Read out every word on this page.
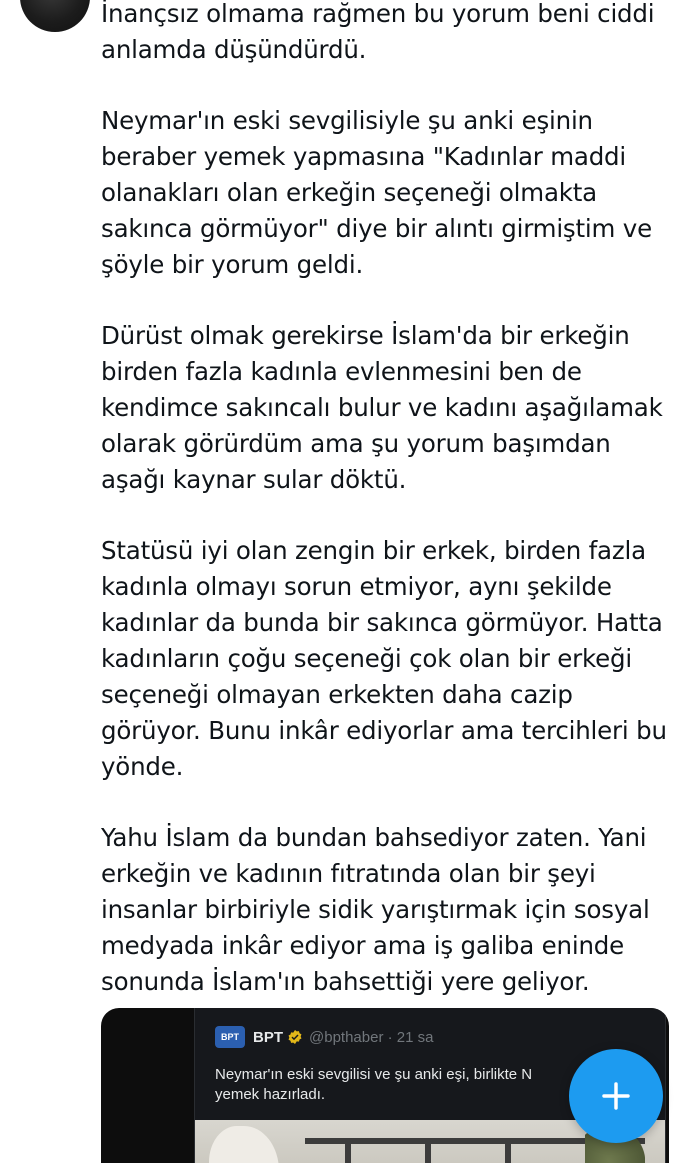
İnançsız olmama rağmen bu yorum beni ciddi
anlamda düşündürdü.

Neymar'ın eski sevgilisiyle şu anki eşinin
beraber yemek yapmasına "Kadınlar maddi
olanakları olan erkeğin seçeneği olmakta
sakınca görmüyor" diye bir alıntı girmiştim ve
şöyle bir yorum geldi.

Dürüst olmak gerekirse İslam'da bir erkeğin
birden fazla kadınla evlenmesini ben de
kendimce sakıncalı bulur ve kadını aşağılamak
olarak görürdüm ama şu yorum başımdan
aşağı kaynar sular döktü.

Statüsü iyi olan zengin bir erkek, birden fazla
kadınla olmayı sorun etmiyor, aynı şekilde
kadınlar da bunda bir sakınca görmüyor. Hatta
kadınların çoğu seçeneği çok olan bir erkeği
seçeneği olmayan erkekten daha cazip
görüyor. Bunu inkâr ediyorlar ama tercihleri bu
yönde.

Yahu İslam da bundan bahsediyor zaten. Yani
erkeğin ve kadının fıtratında olan bir şeyi
insanlar birbiriyle sidik yarıştırmak için sosyal
medyada inkâr ediyor ama iş galiba eninde
sonunda İslam'ın bahsettiği yere geliyor.

BPT BPT @bpthaber · 21 sa
Neymar'ın eski sevgilisi ve şu anki eşi, birlikte N
yemek hazırladı.
